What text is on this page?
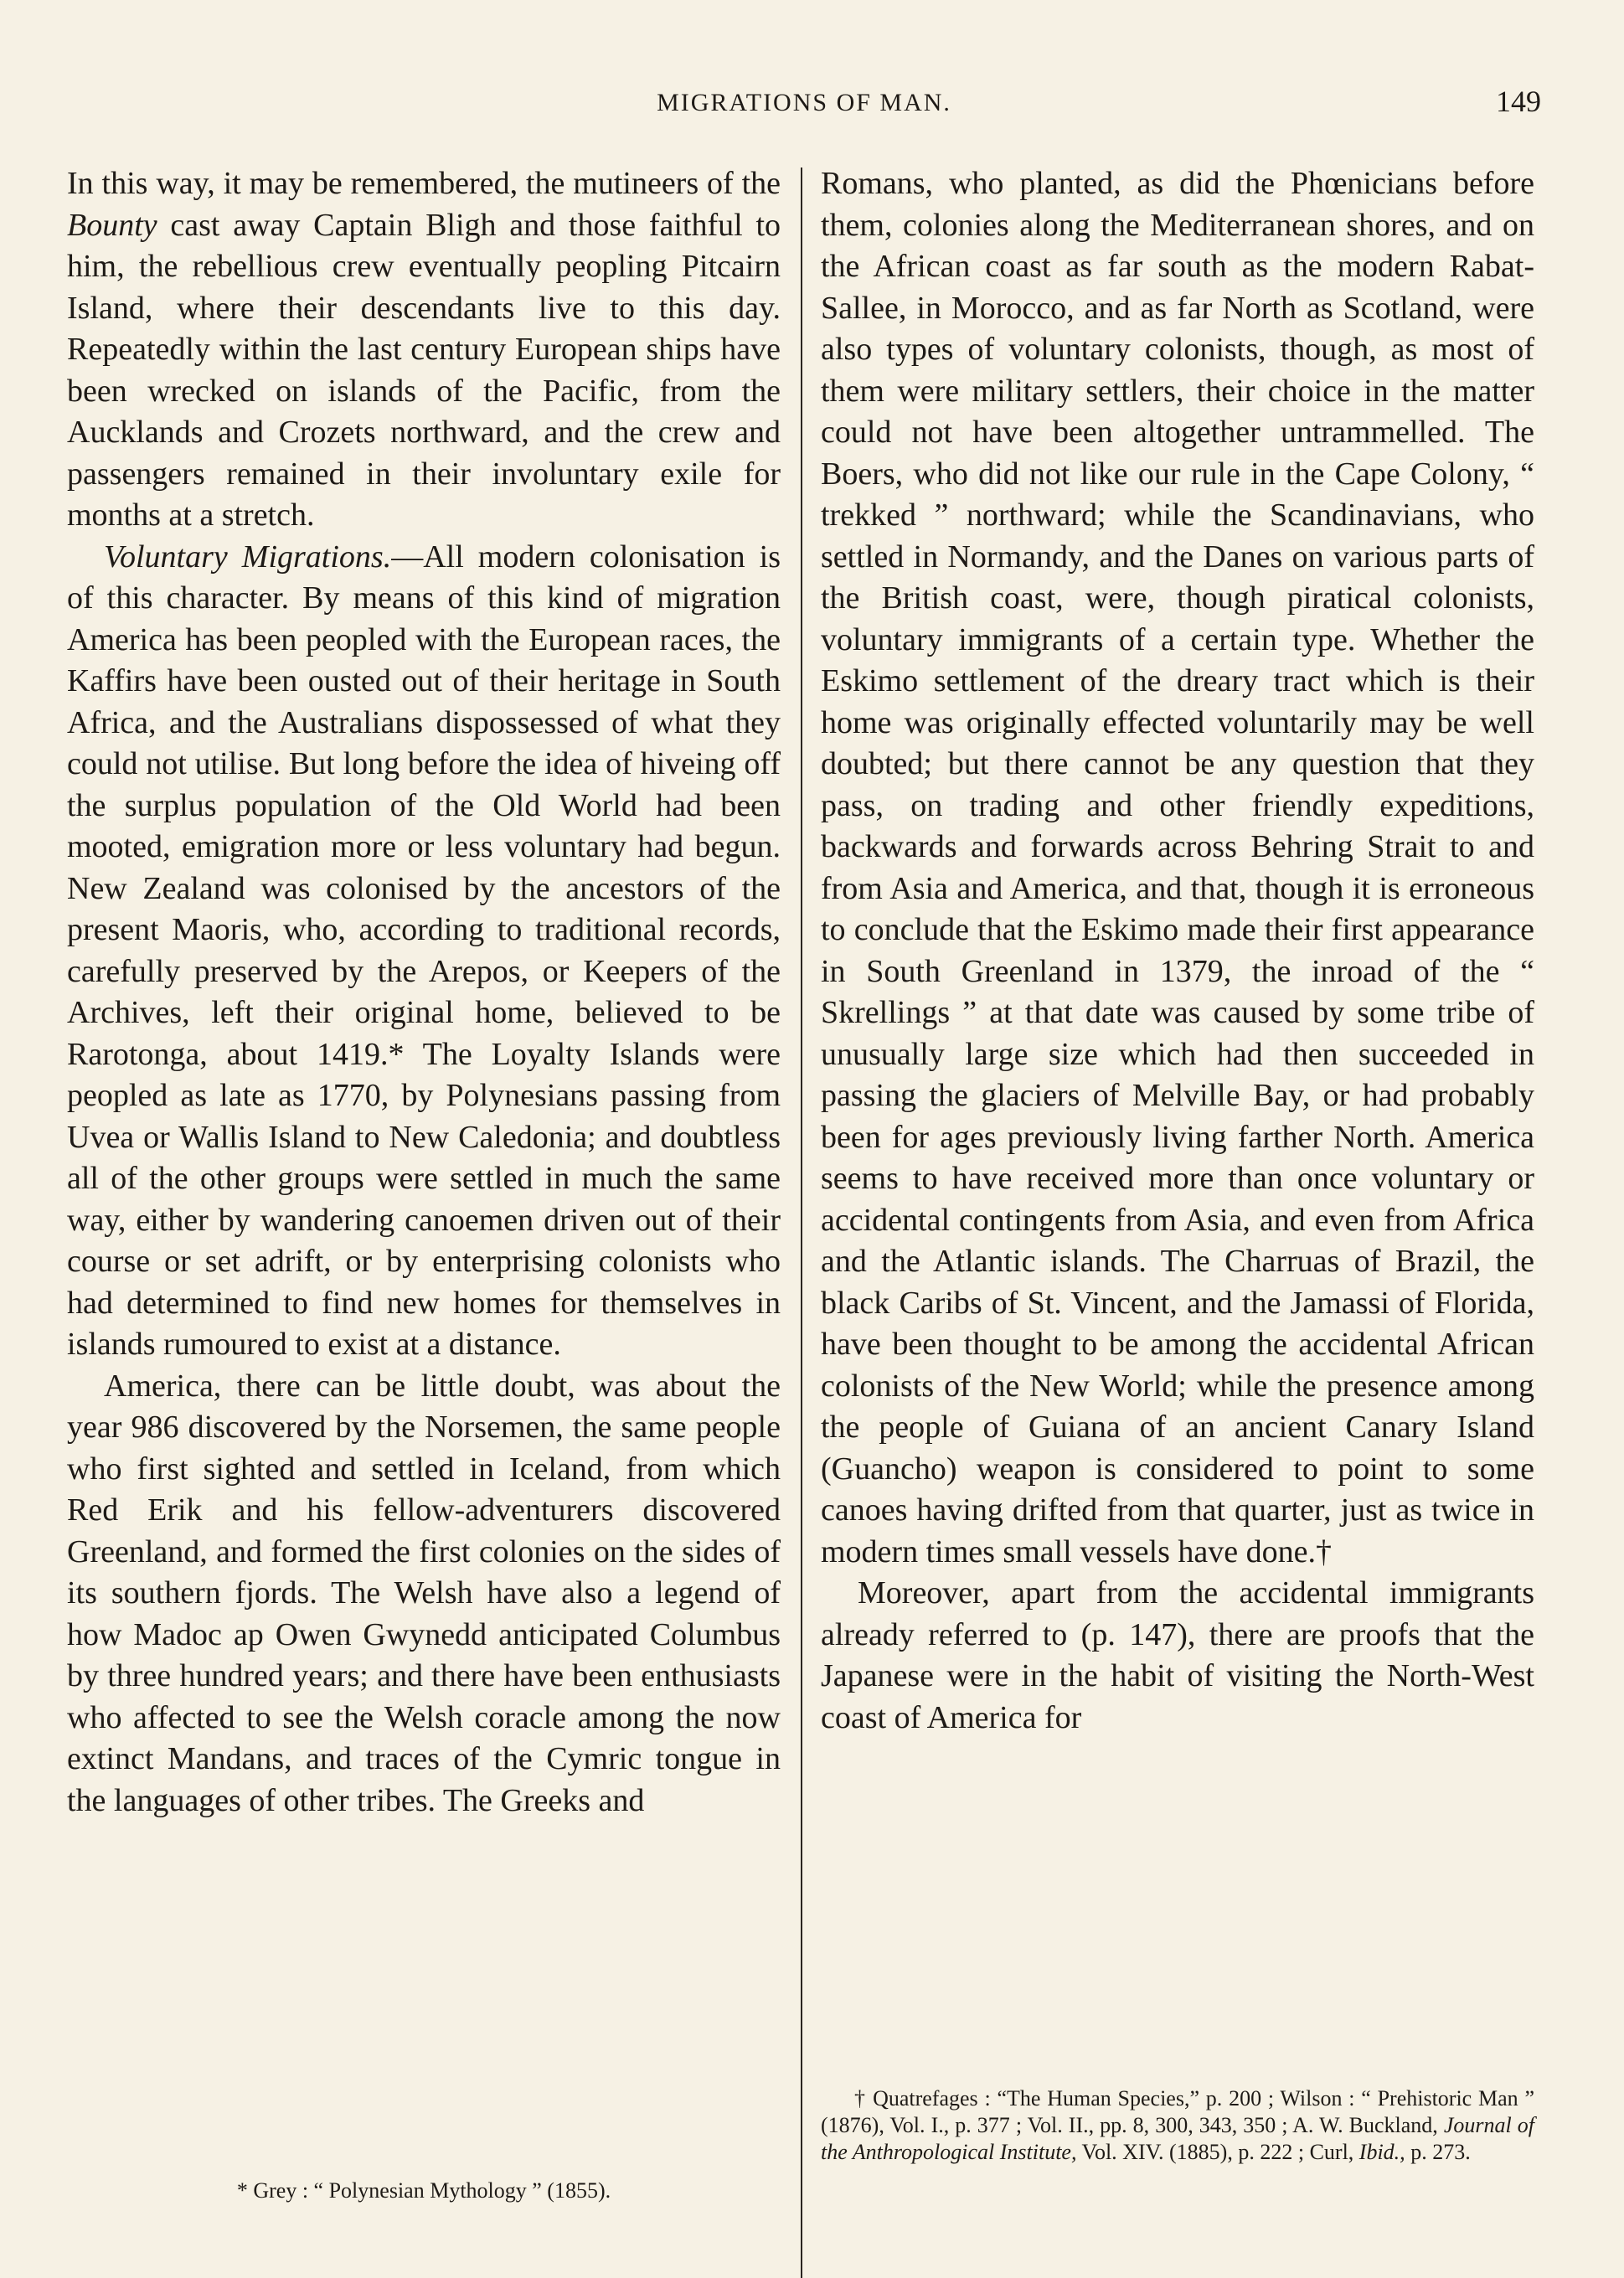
MIGRATIONS OF MAN.	149

In this way, it may be remembered, the mutineers of the Bounty cast away Captain Bligh and those faithful to him, the rebellious crew eventually peopling Pitcairn Island, where their descendants live to this day. Repeatedly within the last century European ships have been wrecked on islands of the Pacific, from the Aucklands and Crozets northward, and the crew and passengers remained in their involuntary exile for months at a stretch.

Voluntary Migrations.—All modern colonisation is of this character. By means of this kind of migration America has been peopled with the European races, the Kaffirs have been ousted out of their heritage in South Africa, and the Australians dispossessed of what they could not utilise. But long before the idea of hiveing off the surplus population of the Old World had been mooted, emigration more or less voluntary had begun. New Zealand was colonised by the ancestors of the present Maoris, who, according to traditional records, carefully preserved by the Arepos, or Keepers of the Archives, left their original home, believed to be Rarotonga, about 1419.* The Loyalty Islands were peopled as late as 1770, by Polynesians passing from Uvea or Wallis Island to New Caledonia; and doubtless all of the other groups were settled in much the same way, either by wandering canoemen driven out of their course or set adrift, or by enterprising colonists who had determined to find new homes for themselves in islands rumoured to exist at a distance.

America, there can be little doubt, was about the year 986 discovered by the Norsemen, the same people who first sighted and settled in Iceland, from which Red Erik and his fellow-adventurers discovered Greenland, and formed the first colonies on the sides of its southern fjords. The Welsh have also a legend of how Madoc ap Owen Gwynedd anticipated Columbus by three hundred years; and there have been enthusiasts who affected to see the Welsh coracle among the now extinct Mandans, and traces of the Cymric tongue in the languages of other tribes. The Greeks and

Romans, who planted, as did the Phœnicians before them, colonies along the Mediterranean shores, and on the African coast as far south as the modern Rabat-Sallee, in Morocco, and as far North as Scotland, were also types of voluntary colonists, though, as most of them were military settlers, their choice in the matter could not have been altogether untrammelled. The Boers, who did not like our rule in the Cape Colony, “ trekked ” northward; while the Scandinavians, who settled in Normandy, and the Danes on various parts of the British coast, were, though piratical colonists, voluntary immigrants of a certain type. Whether the Eskimo settlement of the dreary tract which is their home was originally effected voluntarily may be well doubted; but there cannot be any question that they pass, on trading and other friendly expeditions, backwards and forwards across Behring Strait to and from Asia and America, and that, though it is erroneous to conclude that the Eskimo made their first appearance in South Greenland in 1379, the inroad of the “ Skrellings ” at that date was caused by some tribe of unusually large size which had then succeeded in passing the glaciers of Melville Bay, or had probably been for ages previously living farther North. America seems to have received more than once voluntary or accidental contingents from Asia, and even from Africa and the Atlantic islands. The Charruas of Brazil, the black Caribs of St. Vincent, and the Jamassi of Florida, have been thought to be among the accidental African colonists of the New World; while the presence among the people of Guiana of an ancient Canary Island (Guancho) weapon is considered to point to some canoes having drifted from that quarter, just as twice in modern times small vessels have done.†

Moreover, apart from the accidental immigrants already referred to (p. 147), there are proofs that the Japanese were in the habit of visiting the North-West coast of America for

* Grey : “ Polynesian Mythology ” (1855).
† Quatrefages : “The Human Species,” p. 200 ; Wilson : “ Prehistoric Man ” (1876), Vol. I., p. 377 ; Vol. II., pp. 8, 300, 343, 350 ; A. W. Buckland, Journal of the Anthropological Institute, Vol. XIV. (1885), p. 222 ; Curl, Ibid., p. 273.
